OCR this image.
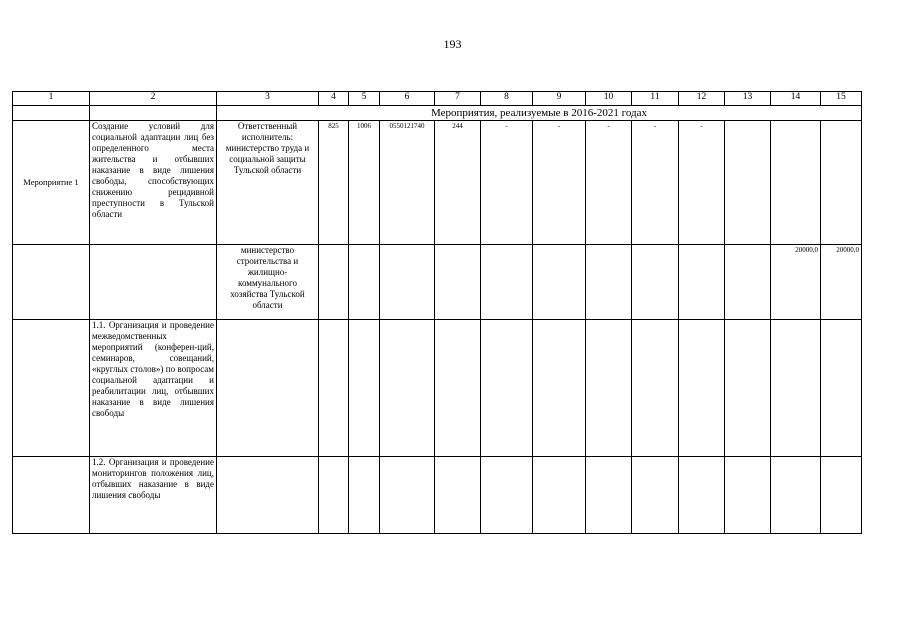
193
1	2	3	4	5	6	7	8	9	10	11	12	13	14	15
		Мероприятия, реализуемые в 2016-2021 годах												
Мероприятие 1	Создание условий для социальной адаптации лиц без определенного места жительства и отбывших наказание в виде лишения свободы, способствующих снижению рецидивной преступности в Тульской области	Ответственный исполнитель: министерство труда и социальной защиты Тульской области	825	1006	0550121740	244	-	-	-	-	-			
		министерство строительства и жилищно-коммунального хозяйства Тульской области											20000,0	20000,0
	1.1. Организация и проведение межведомственных мероприятий (конферен-ций, семинаров, совещаний, «круглых столов») по вопросам социальной адаптации и реабилитации лиц, отбывших наказание в виде лишения свободы													
	1.2. Организация и проведение мониторингов положения лиц, отбывших наказание в виде лишения свободы													
